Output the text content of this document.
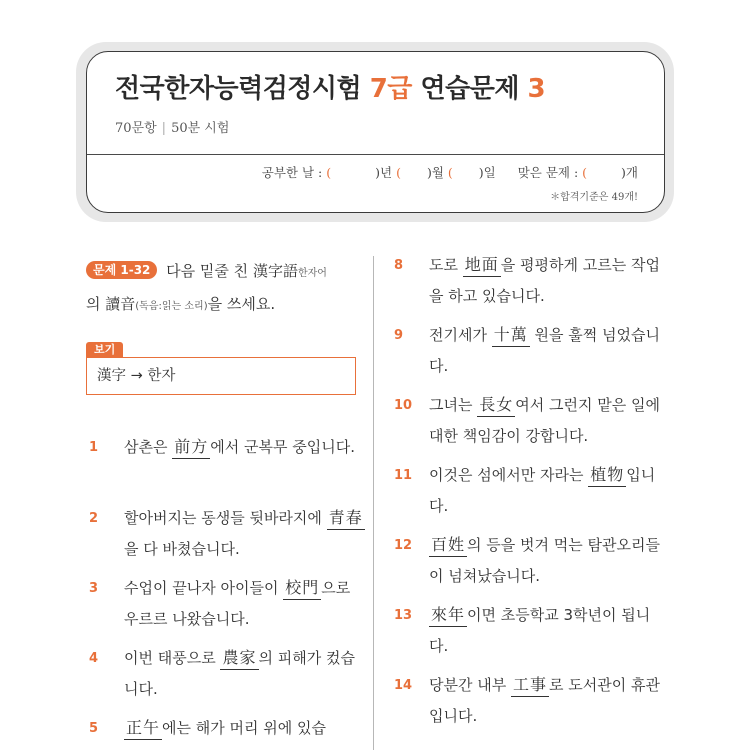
전국한자능력검정시험 7급 연습문제 3
70문항 | 50분 시험
공부한 날 : (	)년 ( )월 ( )일 맞은 문제 : (	)개
＊합격기준은 49개!
문제 1-32 다음 밑줄 친 漢字語한자어
의 讀音(독음:읽는 소리)을 쓰세요.
보기
漢字 → 한자
1	삼촌은 前方 에서 군복무 중입니다.
2	할아버지는 동생들 뒷바라지에 青春을 다 바쳤습니다.
3	수업이 끝나자 아이들이 校門 으로 우르르 나왔습니다.
4	이번 태풍으로 農家 의 피해가 컸습니다.
5	正午 에는 해가 머리 위에 있습
8	도로 地面 을 평평하게 고르는 작업을 하고 있습니다.
9	전기세가 十萬 원을 훌쩍 넘었습니다.
10	그녀는 長女 여서 그런지 맡은 일에 대한 책임감이 강합니다.
11	이것은 섬에서만 자라는 植物 입니다.
12	百姓 의 등을 벗겨 먹는 탐관오리들이 넘쳐났습니다.
13	來年 이면 초등학교 3학년이 됩니다.
14	당분간 내부 工事 로 도서관이 휴관입니다.
